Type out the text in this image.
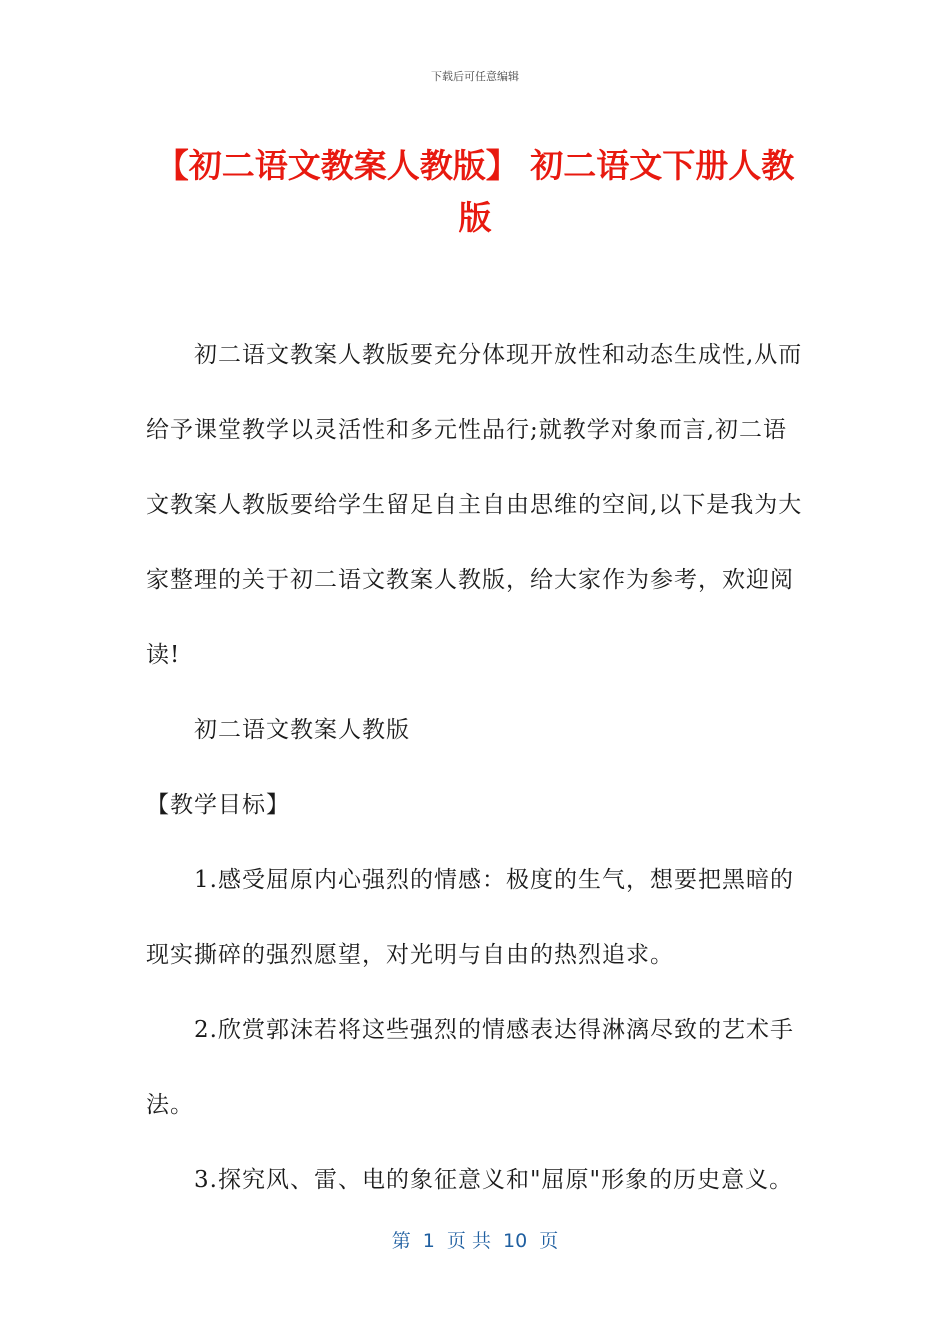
下载后可任意编辑
【初二语文教案人教版】 初二语文下册人教版

初二语文教案人教版要充分体现开放性和动态生成性,从而给予课堂教学以灵活性和多元性品行;就教学对象而言,初二语文教案人教版要给学生留足自主自由思维的空间,以下是我为大家整理的关于初二语文教案人教版，给大家作为参考，欢迎阅读!

初二语文教案人教版

【教学目标】

1.感受屈原内心强烈的情感：极度的生气，想要把黑暗的现实撕碎的强烈愿望，对光明与自由的热烈追求。

2.欣赏郭沫若将这些强烈的情感表达得淋漓尽致的艺术手法。

3.探究风、雷、电的象征意义和"屈原"形象的历史意义。

第  1  页 共  10  页
